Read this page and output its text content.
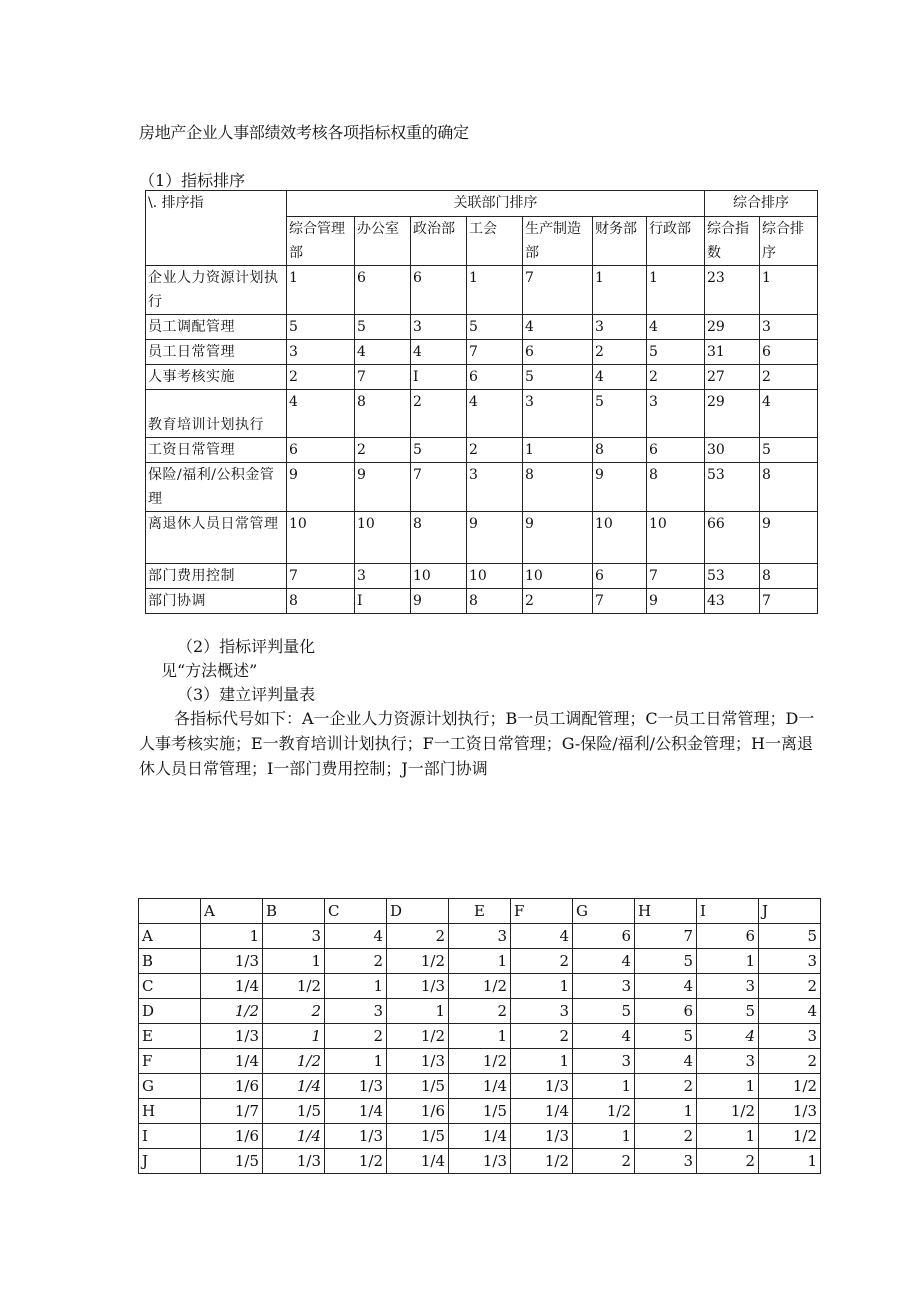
房地产企业人事部绩效考核各项指标权重的确定
（1）指标排序
\. 排序指	关联部门排序							综合排序	
	综合管理部	办公室	政治部	工会	生产制造部	财务部	行政部	综合指数	综合排序
企业人力资源计划执行	1	6	6	1	7	1	1	23	1
员工调配管理	5	5	3	5	4	3	4	29	3
员工日常管理	3	4	4	7	6	2	5	31	6
人事考核实施	2	7	I	6	5	4	2	27	2
教育培训计划执行	4	8	2	4	3	5	3	29	4
工资日常管理	6	2	5	2	1	8	6	30	5
保险/福利/公积金管理	9	9	7	3	8	9	8	53	8
离退休人员日常管理	10	10	8	9	9	10	10	66	9
部门费用控制	7	3	10	10	10	6	7	53	8
部门协调	8	I	9	8	2	7	9	43	7
（2）指标评判量化
见“方法概述”
（3）建立评判量表
各指标代号如下：A一企业人力资源计划执行；B一员工调配管理；C一员工日常管理；D一人事考核实施；E一教育培训计划执行；F一工资日常管理；G-保险/福利/公积金管理；H一离退休人员日常管理；I一部门费用控制；J一部门协调
	A	B	C	D	E	F	G	H	I	J
A	1	3	4	2	3	4	6	7	6	5
B	1/3	1	2	1/2	1	2	4	5	1	3
C	1/4	1/2	1	1/3	1/2	1	3	4	3	2
D	1/2	2	3	1	2	3	5	6	5	4
E	1/3	1	2	1/2	1	2	4	5	4	3
F	1/4	1/2	1	1/3	1/2	1	3	4	3	2
G	1/6	1/4	1/3	1/5	1/4	1/3	1	2	1	1/2
H	1/7	1/5	1/4	1/6	1/5	1/4	1/2	1	1/2	1/3
I	1/6	1/4	1/3	1/5	1/4	1/3	1	2	1	1/2
J	1/5	1/3	1/2	1/4	1/3	1/2	2	3	2	1
